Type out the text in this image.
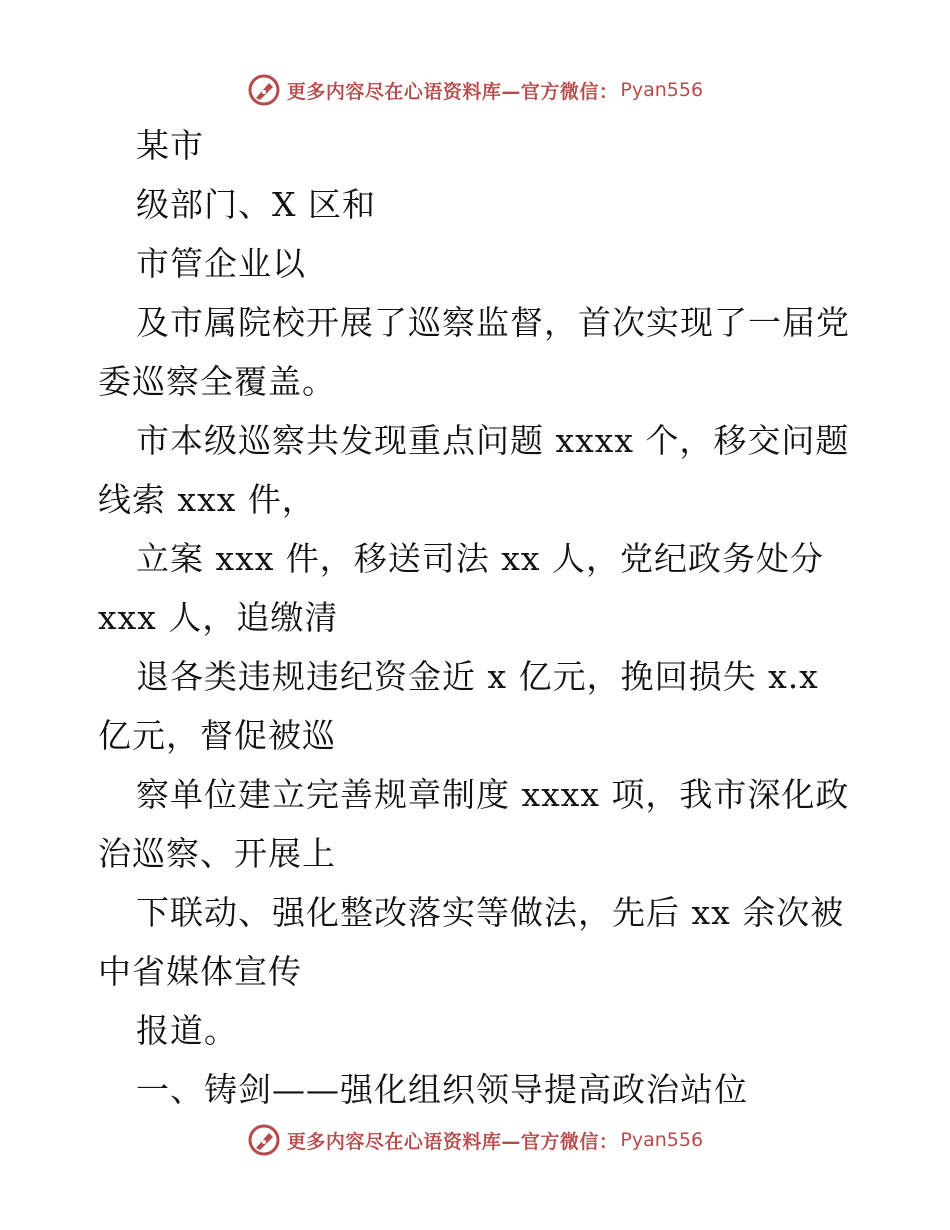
更多内容尽在心语资料库—官方微信： Pyan556
某市
级部门、X 区和
市管企业以
及市属院校开展了巡察监督，首次实现了一届党
委巡察全覆盖。
市本级巡察共发现重点问题 xxxx 个，移交问题
线索 xxx 件，
立案 xxx 件，移送司法 xx 人，党纪政务处分
xxx 人，追缴清
退各类违规违纪资金近 x 亿元，挽回损失 x.x
亿元，督促被巡
察单位建立完善规章制度 xxxx 项，我市深化政
治巡察、开展上
下联动、强化整改落实等做法，先后 xx 余次被
中省媒体宣传
报道。
一、铸剑——强化组织领导提高政治站位
更多内容尽在心语资料库—官方微信： Pyan556
